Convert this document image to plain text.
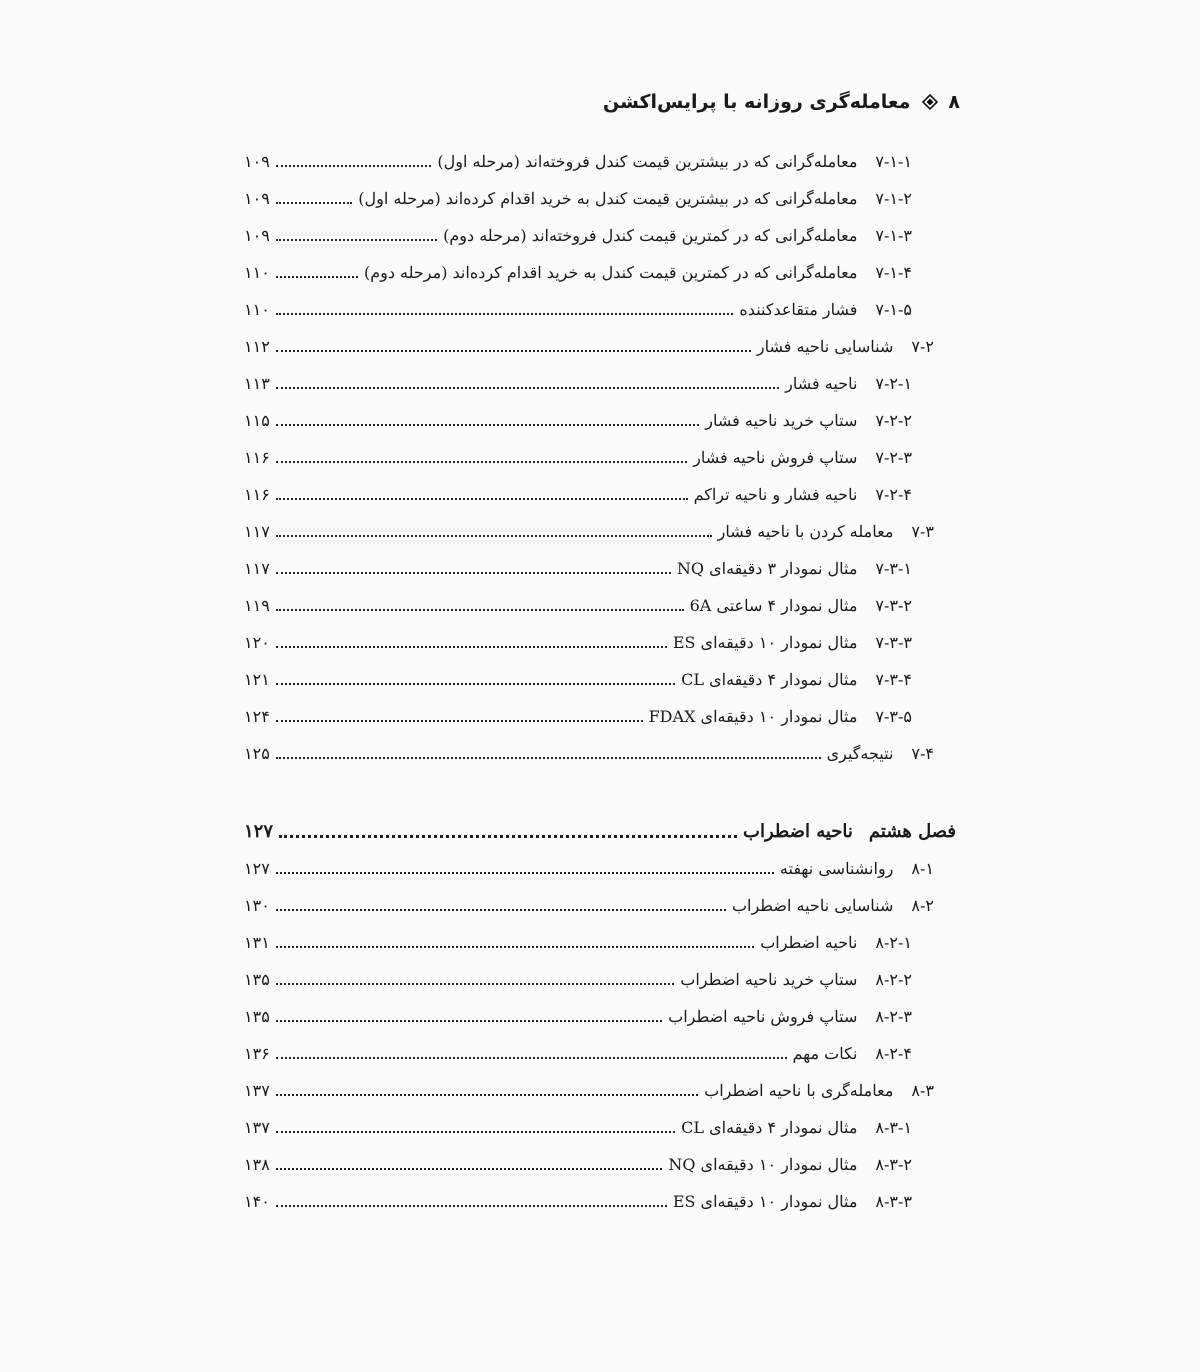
۸
معامله‌گری روزانه با پرایس‌اکشن
۷-۱-۱
معامله‌گرانی که در بیشترین قیمت کندل فروخته‌اند (مرحله اول)
۱۰۹
۷-۱-۲
معامله‌گرانی که در بیشترین قیمت کندل به خرید اقدام کرده‌اند (مرحله اول)
۱۰۹
۷-۱-۳
معامله‌گرانی که در کمترین قیمت کندل فروخته‌اند (مرحله دوم)
۱۰۹
۷-۱-۴
معامله‌گرانی که در کمترین قیمت کندل به خرید اقدام کرده‌اند (مرحله دوم)
۱۱۰
۷-۱-۵
فشار متقاعدکننده
۱۱۰
۷-۲
شناسایی ناحیه فشار
۱۱۲
۷-۲-۱
ناحیه فشار
۱۱۳
۷-۲-۲
ستاپ خرید ناحیه فشار
۱۱۵
۷-۲-۳
ستاپ فروش ناحیه فشار
۱۱۶
۷-۲-۴
ناحیه فشار و ناحیه تراکم
۱۱۶
۷-۳
معامله کردن با ناحیه فشار
۱۱۷
۷-۳-۱
مثال نمودار ۳ دقیقه‌ای NQ
۱۱۷
۷-۳-۲
مثال نمودار ۴ ساعتی 6A
۱۱۹
۷-۳-۳
مثال نمودار ۱۰ دقیقه‌ای ES
۱۲۰
۷-۳-۴
مثال نمودار ۴ دقیقه‌ای CL
۱۲۱
۷-۳-۵
مثال نمودار ۱۰ دقیقه‌ای FDAX
۱۲۴
۷-۴
نتیجه‌گیری
۱۲۵
فصل هشتم
ناحیه اضطراب
۱۲۷
۸-۱
روانشناسی نهفته
۱۲۷
۸-۲
شناسایی ناحیه اضطراب
۱۳۰
۸-۲-۱
ناحیه اضطراب
۱۳۱
۸-۲-۲
ستاپ خرید ناحیه اضطراب
۱۳۵
۸-۲-۳
ستاپ فروش ناحیه اضطراب
۱۳۵
۸-۲-۴
نکات مهم
۱۳۶
۸-۳
معامله‌گری با ناحیه اضطراب
۱۳۷
۸-۳-۱
مثال نمودار ۴ دقیقه‌ای CL
۱۳۷
۸-۳-۲
مثال نمودار ۱۰ دقیقه‌ای NQ
۱۳۸
۸-۳-۳
مثال نمودار ۱۰ دقیقه‌ای ES
۱۴۰
